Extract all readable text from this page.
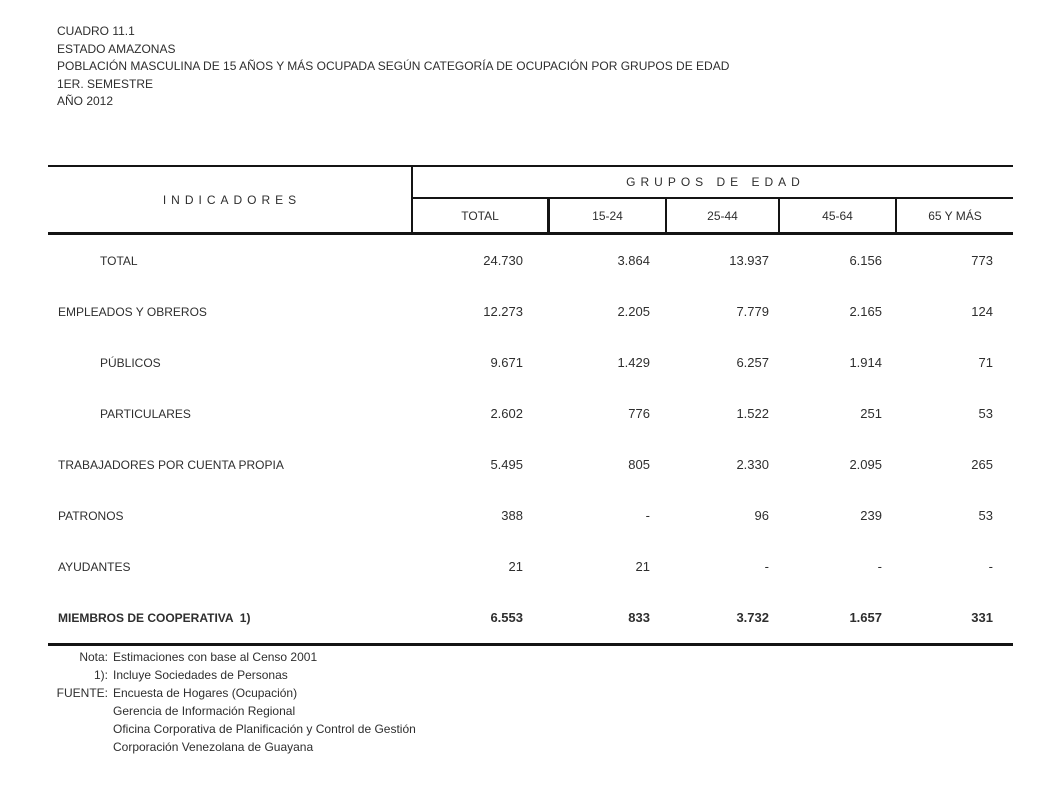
CUADRO 11.1
ESTADO AMAZONAS
POBLACIÓN MASCULINA DE 15 AÑOS Y MÁS OCUPADA SEGÚN CATEGORÍA DE OCUPACIÓN POR GRUPOS DE EDAD
1ER. SEMESTRE
AÑO 2012
INDICADORES
GRUPOS DE EDAD
TOTAL	15-24	25-44	45-64	65 Y MÁS
TOTAL	24.730	3.864	13.937	6.156	773
EMPLEADOS Y OBREROS	12.273	2.205	7.779	2.165	124
PÚBLICOS	9.671	1.429	6.257	1.914	71
PARTICULARES	2.602	776	1.522	251	53
TRABAJADORES POR CUENTA PROPIA	5.495	805	2.330	2.095	265
PATRONOS	388	-	96	239	53
AYUDANTES	21	21	-	-	-
MIEMBROS DE COOPERATIVA  1)	6.553	833	3.732	1.657	331
Nota: Estimaciones con base al Censo 2001
1): Incluye Sociedades de Personas
FUENTE: Encuesta de Hogares (Ocupación)
Gerencia de Información Regional
Oficina Corporativa de Planificación y Control de Gestión
Corporación Venezolana de Guayana
